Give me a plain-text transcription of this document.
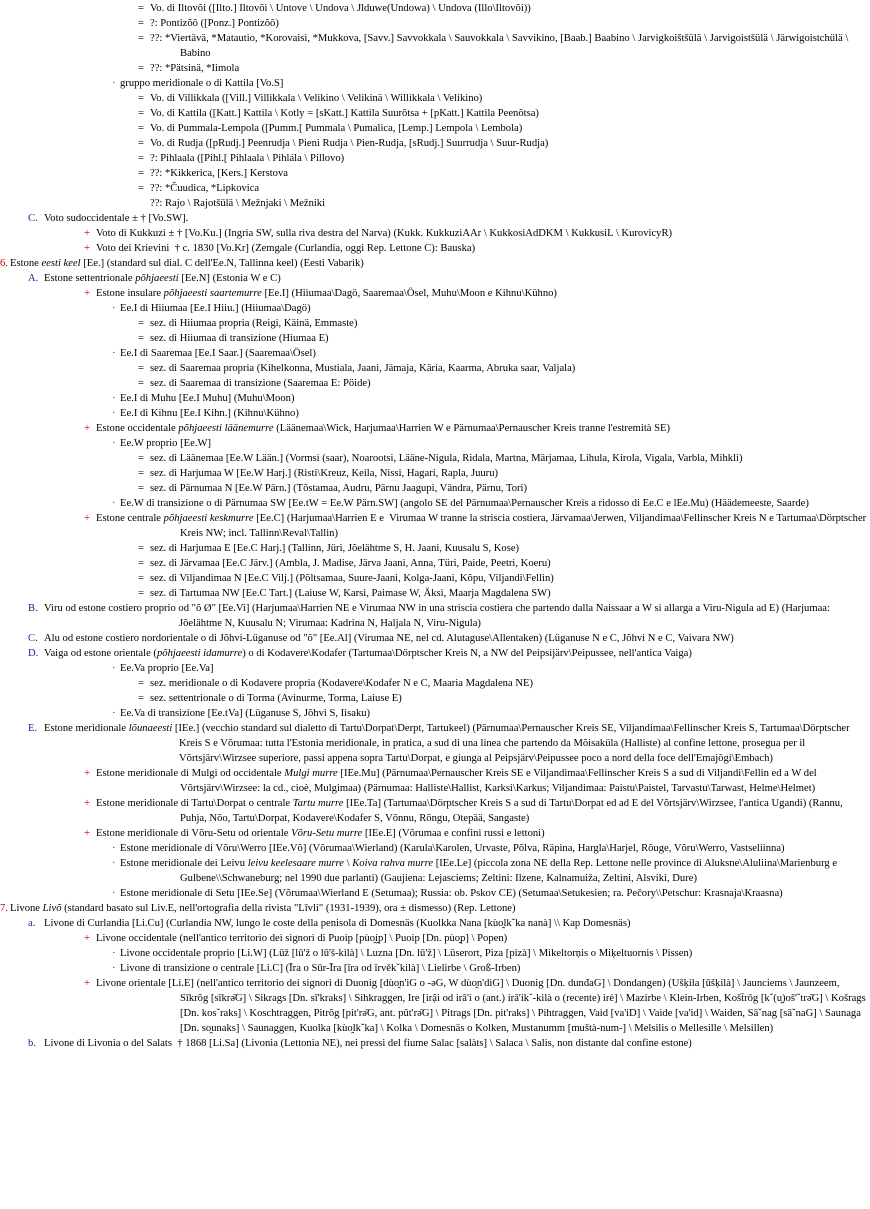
= Vo. di Iltovõi ([Ilto.] Iltovõi \ Untove \ Undova \ Jlduwe(Undowa) \ Undova (Illo\Iltovõi))
= ?: Pontizõõ ([Ponz.] Pontizõõ)
= ??: *Viertävä, *Matautio, *Korovaisi, *Mukkova, [Savv.] Savvokkala \ Sauvokkala \ Savvikino, [Baab.] Baabino \ Jarvigkoištšülä \ Jarvigoistšülä \ Järwigoistchülä \ Babino
= ??: *Pätsinä, *Iimola
· gruppo meridionale o di Kattila [Vo.S]
= Vo. di Villikkala ([Vill.] Villikkala \ Velikino \ Velikinä \ Willikkala \ Velikino)
= Vo. di Kattila ([Katt.] Kattila \ Kotly = [sKatt.] Kattila Suurõtsa + [pKatt.] Kattila Peenõtsa)
= Vo. di Pummala-Lempola ([Pumm.[ Pummala \ Pumalica, [Lemp.] Lempola \ Lembola)
= Vo. di Rudja ([pRudj.] Peenrudja \ Pieni Rudja \ Pien-Rudja, [sRudj.] Suurrudja \ Suur-Rudja)
= ?: Pihlaala ([Pihl.[ Pihlaala \ Pihlála \ Pillovo)
= ??: *Kikkerica, [Kers.] Kerstova
= ??: *Čuudica, *Lipkovica
??: Rajo \ Rajotšülä \ Mežnjaki \ Mežniki
C. Voto sudoccidentale ± † [Vo.SW].
+ Voto di Kukkuzi ± † [Vo.Ku.] (Ingria SW, sulla riva destra del Narva) (Kukk. KukkuziAAr \ KukkosiAdDKM \ KukkusiL \ KurovicyR)
+ Voto dei Krievini  † c. 1830 [Vo.Kr] (Zemgale (Curlandia, oggi Rep. Lettone C): Bauska)
6. Estone eesti keel [Ee.] (standard sul dial. C dell'Ee.N, Tallinna keel) (Eesti Vabarik)
A. Estone settentrionale põhjaeesti [Ee.N] (Estonia W e C)
+ Estone insulare põhjaeesti saartemurre [Ee.I] (Hiiumaa\Dagö, Saaremaa\Ösel, Muhu\Moon e Kihnu\Kühno)
· Ee.I di Hiiumaa [Ee.I Hiiu.] (Hiiumaa\Dagö)
= sez. di Hiiumaa propria (Reigi, Käinä, Emmaste)
= sez. di Hiiumaa di transizione (Hiumaa E)
· Ee.I di Saaremaa [Ee.I Saar.] (Saaremaa\Ösel)
= sez. di Saaremaa propria (Kihelkonna, Mustiala, Jaani, Jämaja, Käria, Kaarma, Abruka saar, Valjala)
= sez. di Saaremaa di transizione (Saaremaa E: Pöide)
· Ee.I di Muhu [Ee.I Muhu] (Muhu\Moon)
· Ee.I di Kihnu [Ee.I Kihn.] (Kihnu\Kühno)
+ Estone occidentale põhjaeesti läänemurre (Läänemaa\Wick, Harjumaa\Harrien W e Pärnumaa\Pernauscher Kreis tranne l'estremità SE)
· Ee.W proprio [Ee.W]
= sez. di Läänemaa [Ee.W Lään.] (Vormsi (saar), Noarootsi, Lääne-Nigula, Ridala, Martna, Märjamaa, Lihula, Kirola, Vigala, Varbla, Mihkli)
= sez. di Harjumaa W [Ee.W Harj.] (Risti\Kreuz, Keila, Nissi, Hagari, Rapla, Juuru)
= sez. di Pärnumaa N [Ee.W Pärn.] (Tõstamaa, Audru, Pärnu Jaagupi, Vändra, Pärnu, Tori)
· Ee.W di transizione o di Pärnumaa SW [Ee.tW = Ee.W Pärn.SW] (angolo SE del Pärnumaa\Pernauscher Kreis a ridosso di Ee.C e lEe.Mu) (Häädemeeste, Saarde)
+ Estone centrale põhjaeesti keskmurre [Ee.C] (Harjumaa\Harrien E e  Virumaa W tranne la striscia costiera, Järvamaa\Jerwen, Viljandimaa\Fellinscher Kreis N e Tartumaa\Dörptscher Kreis NW; incl. Tallinn\Reval\Tallin)
= sez. di Harjumaa E [Ee.C Harj.] (Tallinn, Jüri, Jõelähtme S, H. Jaani, Kuusalu S, Kose)
= sez. di Järvamaa [Ee.C Järv.] (Ambla, J. Madise, Järva Jaani, Anna, Türi, Paide, Peetri, Koeru)
= sez. di Viljandimaa N [Ee.C Vilj.] (Põltsamaa, Suure-Jaani, Kolga-Jaani, Kõpu, Viljandi\Fellin)
= sez. di Tartumaa NW [Ee.C Tart.] (Laiuse W, Karsi, Paimase W, Äksi, Maarja Magdalena SW)
B. Viru od estone costiero proprio od "õ Ø" [Ee.Vi] (Harjumaa\Harrien NE e Virumaa NW in una striscia costiera che partendo dalla Naissaar a W si allarga a Viru-Nigula ad E) (Harjumaa: Jõelähtme N, Kuusalu N; Virumaa: Kadrina N, Haljala N, Viru-Nigula)
C. Alu od estone costiero nordorientale o di Jõhvi-Lüganuse od "õ" [Ee.Al] (Virumaa NE, nel cd. Alutaguse\Allentaken) (Lüganuse N e C, Jõhvi N e C, Vaivara NW)
D. Vaiga od estone orientale (põhjaeesti idamurre) o di Kodavere\Kodafer (Tartumaa\Dörptscher Kreis N, a NW del Peipsijärv\Peipussee, nell'antica Vaiga)
· Ee.Va proprio [Ee.Va]
= sez. meridionale o di Kodavere propria (Kodavere\Kodafer N e C, Maaria Magdalena NE)
= sez. settentrionale o di Torma (Avinurme, Torma, Laiuse E)
· Ee.Va di transizione [Ee.tVa] (Lüganuse S, Jõhvi S, Iisaku)
E. Estone meridionale lõunaeesti [IEe.] (vecchio standard sul dialetto di Tartu\Dorpat\Derpt, Tartukeel) (Pärnumaa\Pernauscher Kreis SE, Viljandimaa\Fellinscher Kreis S, Tartumaa\Dörptscher Kreis S e Võrumaa: tutta l'Estonia meridionale, in pratica, a sud di una linea che partendo da Mõisaküla (Halliste) al confine lettone, prosegua per il Võrtsjärv\Wirzsee superiore, passi appena sopra Tartu\Dorpat, e giunga al Peipsjärv\Peipussee poco a nord della foce dell'Emajõgi\Embach)
+ Estone meridionale di Mulgi od occidentale Mulgi murre [IEe.Mu] (Pärnumaa\Pernauscher Kreis SE e Viljandimaa\Fellinscher Kreis S a sud di Viljandi\Fellin ed a W del Võrtsjärv\Wirzsee: la cd., cioè, Mulgimaa) (Pärnumaa: Halliste\Hallist, Karksi\Karkus; Viljandimaa: Paistu\Paistel, Tarvastu\Tarwast, Helme\Helmet)
+ Estone meridionale di Tartu\Dorpat o centrale Tartu murre [IEe.Ta] (Tartumaa\Dörptscher Kreis S a sud di Tartu\Dorpat ed ad E del Võrtsjärv\Wirzsee, l'antica Ugandi) (Rannu, Puhja, Nõo, Tartu\Dorpat, Kodavere\Kodafer S, Võnnu, Rõngu, Otepää, Sangaste)
+ Estone meridionale di Võru-Setu od orientale Võru-Setu murre [IEe.E] (Võrumaa e confini russi e lettoni)
· Estone meridionale di Võru\Werro [IEe.Võ] (Võrumaa\Wierland) (Karula\Karolen, Urvaste, Põlva, Räpina, Hargla\Harjel, Rõuge, Võru\Werro, Vastseliinna)
· Estone meridionale dei Leivu leivu keelesaare murre \ Koiva rahva murre [IEe.Le] (piccola zona NE della Rep. Lettone nelle province di Aluksne\Aluliina\Marienburg e Gulbene\\Schwaneburg; nel 1990 due parlanti) (Gaujiena: Lejasciems; Zeltini: Ilzene, Kalnamuiža, Zeltini, Alsviki, Dure)
· Estone meridionale di Setu [IEe.Se] (Võrumaa\Wierland E (Setumaa); Russia: ob. Pskov CE) (Setumaa\Setukesien; ra. Pečory\\Petschur: Krasnaja\Kraasna)
7. Livone Livõ (standard basato sul Liv.E, nell'ortografia della rivista "Līvli" (1931-1939), ora ± dismesso) (Rep. Lettone)
a. Livone di Curlandia [Li.Cu] (Curlandia NW, lungo le coste della penisola di Domesnäs (Kuolkka Nana [kùo̯lkˇka nanà] \\ Kap Domesnäs)
+ Livone occidentale (nell'antico territorio dei signori di Puoip [pùo̯i̯p] \ Puoip [Dn. pùo̯p] \ Popen)
· Livone occidentale proprio [Li.W] (Lūž [lū'ž o lū'š-kilà] \ Luzna [Dn. lū'ž] \ Lüserort, Piza [pizà] \ Mikeltorņis o Miķeltuornis \ Pissen)
· Livone di transizione o centrale [Li.C] (Īra o Sūr-Īra [īra od īrvěkˇkilà] \ Lielirbe \ Groß-Irben)
+ Livone orientale [Li.E] (nell'antico territorio dei signori di Duonig [dùo̯n'iG o -ǝG, W dùo̯n'diG] \ Duonig [Dn. dunđaG] \ Dondangen) (Ušķila [ūšķilà] \ Jaunciems \ Jaunzeem, Sīkrõg [sīkrǝ̄G] \ Sikrags [Dn. sī'kraks] \ Sihkraggen, Ire [irậi od irā'i o (ant.) irā'ikˇ-kilà o (recente) irè] \ Mazirbe \ Klein-Irben, Košt̄rōg [kˇ(u̯)oš'ˇtrǝ̄G] \ Košrags [Dn. kosˇraks] \ Koschtraggen, Pitrõg [pit'rǝ̄G, ant. pūt'rǝ̄G] \ Pitrags [Dn. pit'raks] \ Pihtraggen, Vaid [va'iD] \ Vaide [va'id] \ Waiden, Sāˇnag [sāˇnaG] \ Saunaga [Dn. so̯unaks] \ Saunaggen, Kuolka [kùo̯lkˇka] \ Kolka \ Domesnäs o Kolken, Mustanumm [muštà-num-] \ Melsilis o Mellesille \ Melsillen)
b. Livone di Livonia o del Salats  † 1868 [Li.Sa] (Livonia (Lettonia NE), nei pressi del fiume Salac [salàts] \ Salaca \ Salis, non distante dal confine estone)
